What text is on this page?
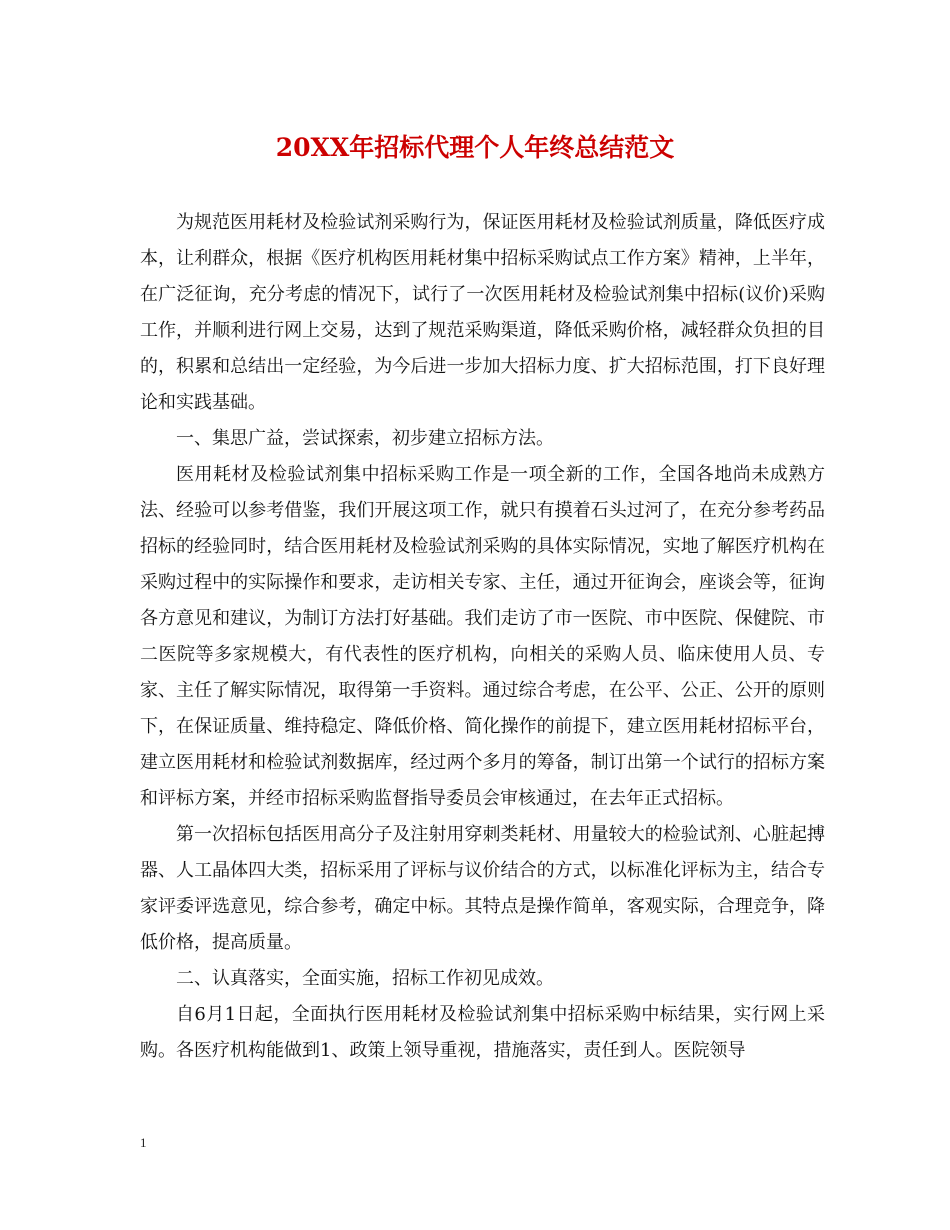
20XX年招标代理个人年终总结范文

为规范医用耗材及检验试剂采购行为，保证医用耗材及检验试剂质量，降低医疗成本，让利群众，根据《医疗机构医用耗材集中招标采购试点工作方案》精神，上半年，在广泛征询，充分考虑的情况下，试行了一次医用耗材及检验试剂集中招标(议价)采购工作，并顺利进行网上交易，达到了规范采购渠道，降低采购价格，减轻群众负担的目的，积累和总结出一定经验，为今后进一步加大招标力度、扩大招标范围，打下良好理论和实践基础。

一、集思广益，尝试探索，初步建立招标方法。

医用耗材及检验试剂集中招标采购工作是一项全新的工作，全国各地尚未成熟方法、经验可以参考借鉴，我们开展这项工作，就只有摸着石头过河了，在充分参考药品招标的经验同时，结合医用耗材及检验试剂采购的具体实际情况，实地了解医疗机构在采购过程中的实际操作和要求，走访相关专家、主任，通过开征询会，座谈会等，征询各方意见和建议，为制订方法打好基础。我们走访了市一医院、市中医院、保健院、市二医院等多家规模大，有代表性的医疗机构，向相关的采购人员、临床使用人员、专家、主任了解实际情况，取得第一手资料。通过综合考虑，在公平、公正、公开的原则下，在保证质量、维持稳定、降低价格、简化操作的前提下，建立医用耗材招标平台，建立医用耗材和检验试剂数据库，经过两个多月的筹备，制订出第一个试行的招标方案和评标方案，并经市招标采购监督指导委员会审核通过，在去年正式招标。

第一次招标包括医用高分子及注射用穿刺类耗材、用量较大的检验试剂、心脏起搏器、人工晶体四大类，招标采用了评标与议价结合的方式，以标准化评标为主，结合专家评委评选意见，综合参考，确定中标。其特点是操作简单，客观实际，合理竞争，降低价格，提高质量。

二、认真落实，全面实施，招标工作初见成效。

自6月1日起，全面执行医用耗材及检验试剂集中招标采购中标结果，实行网上采购。各医疗机构能做到1、政策上领导重视，措施落实，责任到人。医院领导

1
